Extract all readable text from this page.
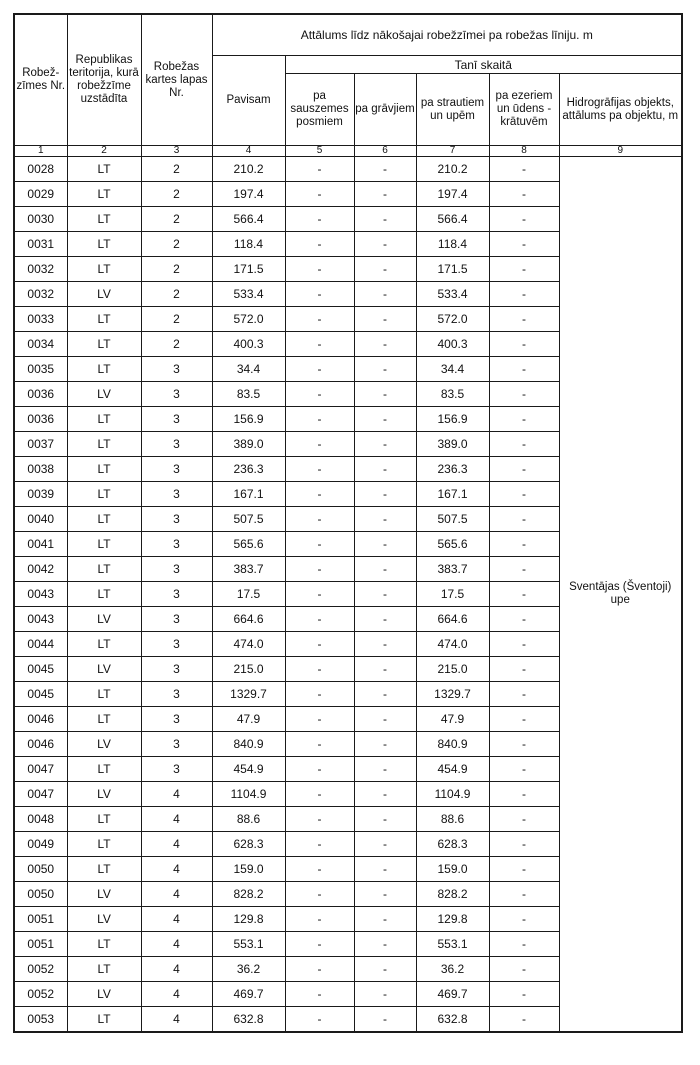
Robež-zīmes Nr.	Republikas teritorija, kurā robežzīme uzstādīta	Robežas kartes lapas Nr.	Attālums līdz nākošajai robežzīmei pa robežas līniju. m					
			Pavisam	Tanī skaitā				
				pa sauszemes posmiem	pa grāvjiem	pa strautiem un upēm	pa ezeriem un ūdens - krātuvēm	Hidrogrāfijas objekts, attālums pa objektu, m
1	2	3	4	5	6	7	8	9
0028	LT	2	210.2	-	-	210.2	-	Sventājas (Šventoji) upe
0029	LT	2	197.4	-	-	197.4	-	
0030	LT	2	566.4	-	-	566.4	-	
0031	LT	2	118.4	-	-	118.4	-	
0032	LT	2	171.5	-	-	171.5	-	
0032	LV	2	533.4	-	-	533.4	-	
0033	LT	2	572.0	-	-	572.0	-	
0034	LT	2	400.3	-	-	400.3	-	
0035	LT	3	34.4	-	-	34.4	-	
0036	LV	3	83.5	-	-	83.5	-	
0036	LT	3	156.9	-	-	156.9	-	
0037	LT	3	389.0	-	-	389.0	-	
0038	LT	3	236.3	-	-	236.3	-	
0039	LT	3	167.1	-	-	167.1	-	
0040	LT	3	507.5	-	-	507.5	-	
0041	LT	3	565.6	-	-	565.6	-	
0042	LT	3	383.7	-	-	383.7	-	
0043	LT	3	17.5	-	-	17.5	-	
0043	LV	3	664.6	-	-	664.6	-	
0044	LT	3	474.0	-	-	474.0	-	
0045	LV	3	215.0	-	-	215.0	-	
0045	LT	3	1329.7	-	-	1329.7	-	
0046	LT	3	47.9	-	-	47.9	-	
0046	LV	3	840.9	-	-	840.9	-	
0047	LT	3	454.9	-	-	454.9	-	
0047	LV	4	1104.9	-	-	1104.9	-	
0048	LT	4	88.6	-	-	88.6	-	
0049	LT	4	628.3	-	-	628.3	-	
0050	LT	4	159.0	-	-	159.0	-	
0050	LV	4	828.2	-	-	828.2	-	
0051	LV	4	129.8	-	-	129.8	-	
0051	LT	4	553.1	-	-	553.1	-	
0052	LT	4	36.2	-	-	36.2	-	
0052	LV	4	469.7	-	-	469.7	-	
0053	LT	4	632.8	-	-	632.8	-	
